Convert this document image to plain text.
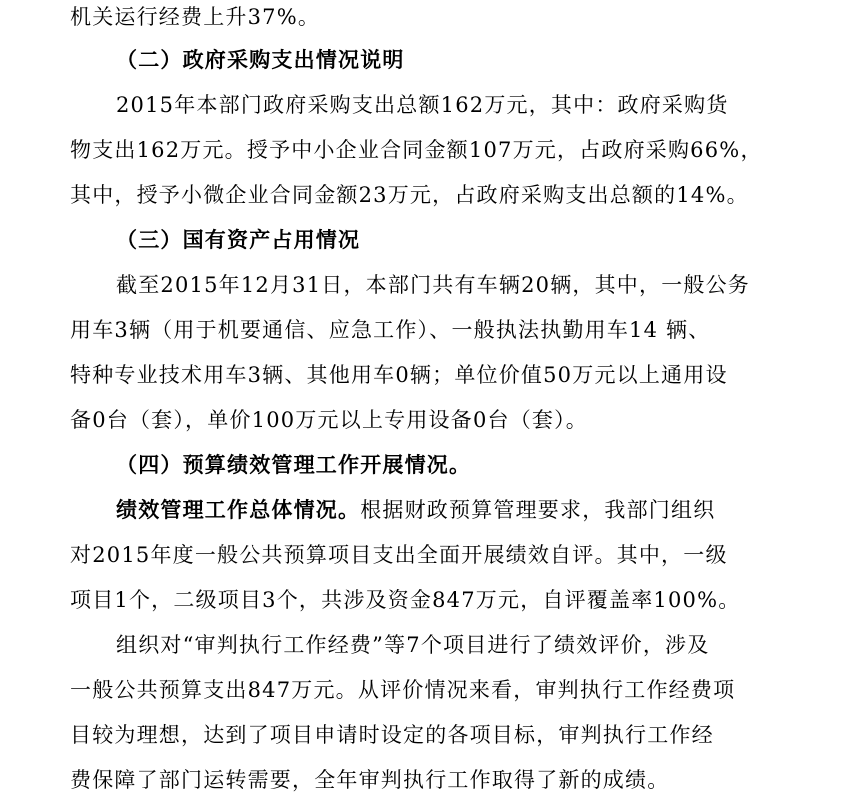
机关运行经费上升37%。

（二）政府采购支出情况说明

2015年本部门政府采购支出总额162万元，其中：政府采购货

物支出162万元。授予中小企业合同金额107万元，占政府采购66%，

其中，授予小微企业合同金额23万元，占政府采购支出总额的14%。

（三）国有资产占用情况

截至2015年12月31日，本部门共有车辆20辆，其中，一般公务

用车3辆（用于机要通信、应急工作）、一般执法执勤用车14 辆、

特种专业技术用车3辆、其他用车0辆；单位价值50万元以上通用设

备0台（套），单价100万元以上专用设备0台（套）。

（四）预算绩效管理工作开展情况。

绩效管理工作总体情况。根据财政预算管理要求，我部门组织

对2015年度一般公共预算项目支出全面开展绩效自评。其中，一级

项目1个，二级项目3个，共涉及资金847万元，自评覆盖率100%。

组织对“审判执行工作经费”等7个项目进行了绩效评价，涉及

一般公共预算支出847万元。从评价情况来看，审判执行工作经费项

目较为理想，达到了项目申请时设定的各项目标，审判执行工作经

费保障了部门运转需要，全年审判执行工作取得了新的成绩。
